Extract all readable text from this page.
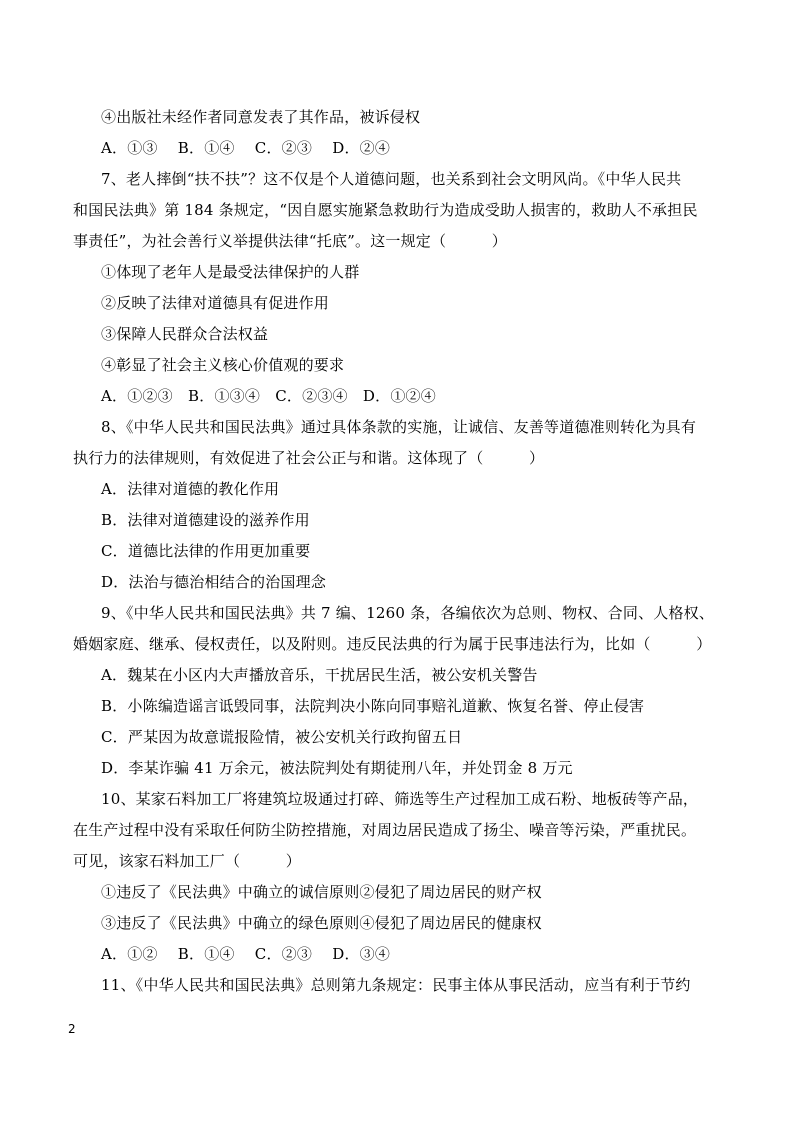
④出版社未经作者同意发表了其作品，被诉侵权
A．①③　 B．①④　 C．②③　 D．②④
7、老人摔倒“扶不扶”？这不仅是个人道德问题，也关系到社会文明风尚。《中华人民共
和国民法典》第 184 条规定，“因自愿实施紧急救助行为造成受助人损害的，救助人不承担民
事责任”，为社会善行义举提供法律“托底”。这一规定（　　　）
①体现了老年人是最受法律保护的人群
②反映了法律对道德具有促进作用
③保障人民群众合法权益
④彰显了社会主义核心价值观的要求
A．①②③　B．①③④　C．②③④　D．①②④
8、《中华人民共和国民法典》通过具体条款的实施，让诚信、友善等道德准则转化为具有
执行力的法律规则，有效促进了社会公正与和谐。这体现了（　　　）
A．法律对道德的教化作用
B．法律对道德建设的滋养作用
C．道德比法律的作用更加重要
D．法治与德治相结合的治国理念
9、《中华人民共和国民法典》共 7 编、1260 条，各编依次为总则、物权、合同、人格权、
婚姻家庭、继承、侵权责任，以及附则。违反民法典的行为属于民事违法行为，比如（　　　）
A．魏某在小区内大声播放音乐，干扰居民生活，被公安机关警告
B．小陈编造谣言诋毁同事，法院判决小陈向同事赔礼道歉、恢复名誉、停止侵害
C．严某因为故意谎报险情，被公安机关行政拘留五日
D．李某诈骗 41 万余元，被法院判处有期徒刑八年，并处罚金 8 万元
10、某家石料加工厂将建筑垃圾通过打碎、筛选等生产过程加工成石粉、地板砖等产品，
在生产过程中没有采取任何防尘防控措施，对周边居民造成了扬尘、噪音等污染，严重扰民。
可见，该家石料加工厂（　　　）
①违反了《民法典》中确立的诚信原则②侵犯了周边居民的财产权
③违反了《民法典》中确立的绿色原则④侵犯了周边居民的健康权
A．①②　 B．①④　 C．②③　 D．③④
11、《中华人民共和国民法典》总则第九条规定：民事主体从事民活动，应当有利于节约
2
